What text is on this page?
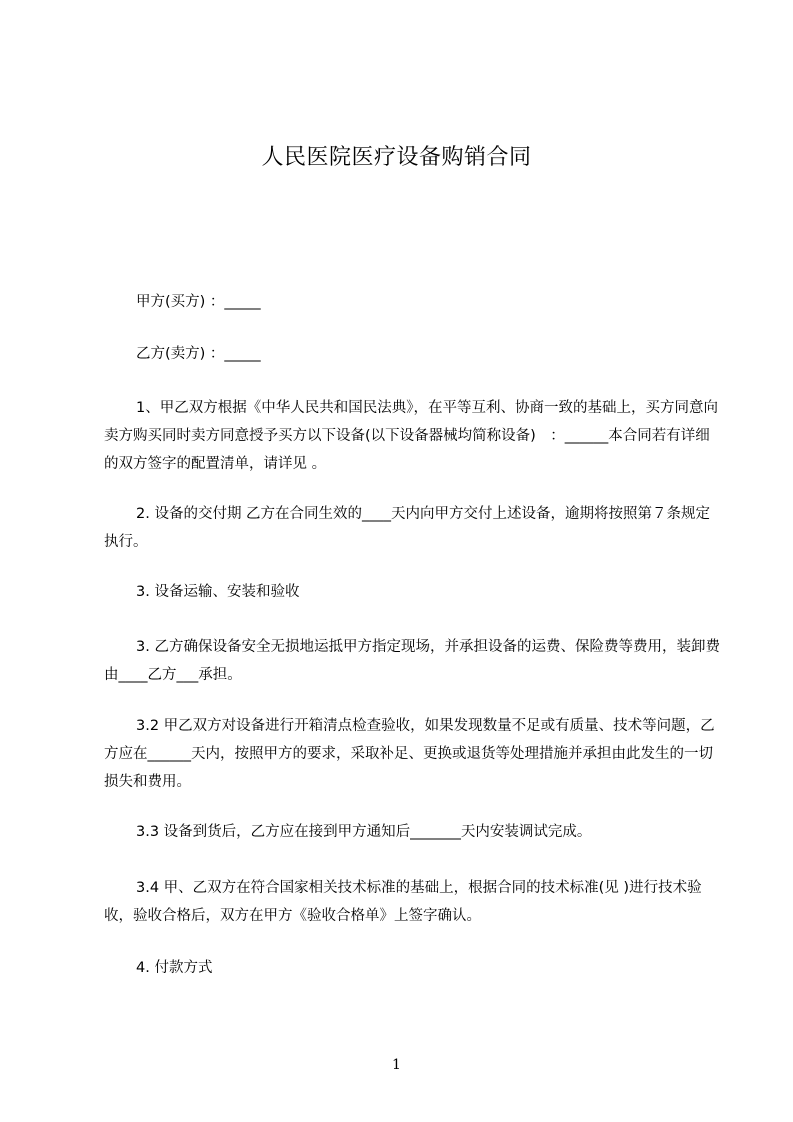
人民医院医疗设备购销合同

甲方(买方) ：_____

乙方(卖方) ：_____

1、甲乙双方根据《中华人民共和国民法典》，在平等互利、协商一致的基础上，买方同意向卖方购买同时卖方同意授予买方以下设备(以下设备器械均简称设备)　：______本合同若有详细的双方签字的配置清单，请详见 。

2. 设备的交付期 乙方在合同生效的____天内向甲方交付上述设备，逾期将按照第７条规定执行。

3. 设备运输、安装和验收

3. 乙方确保设备安全无损地运抵甲方指定现场，并承担设备的运费、保险费等费用，装卸费由____乙方___承担。

3.2 甲乙双方对设备进行开箱清点检查验收，如果发现数量不足或有质量、技术等问题，乙方应在______天内，按照甲方的要求，采取补足、更换或退货等处理措施并承担由此发生的一切损失和费用。

3.3 设备到货后，乙方应在接到甲方通知后_______天内安装调试完成。

3.4 甲、乙双方在符合国家相关技术标准的基础上，根据合同的技术标准(见 )进行技术验收，验收合格后，双方在甲方《验收合格单》上签字确认。

4. 付款方式

1
